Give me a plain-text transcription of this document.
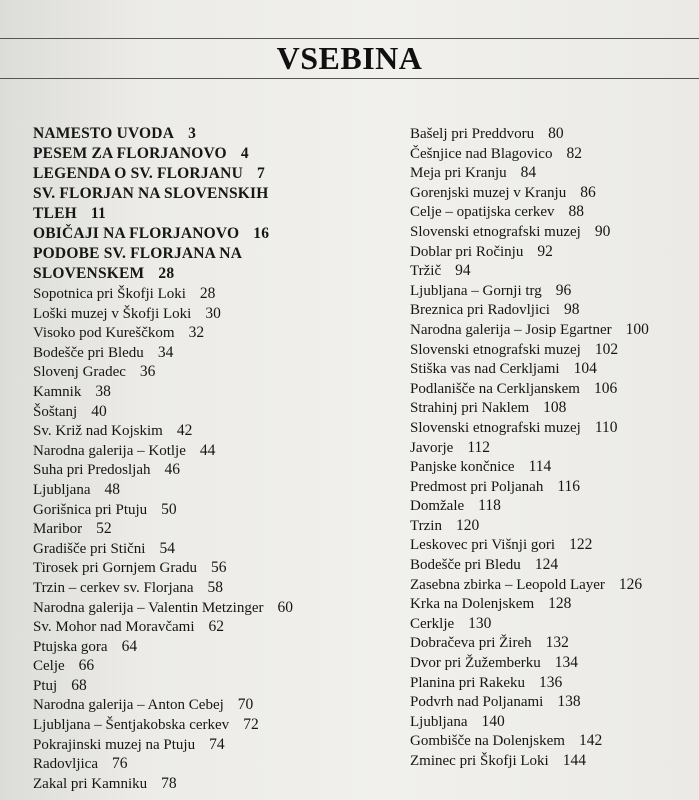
VSEBINA
NAMESTO UVODA 3
PESEM ZA FLORJANOVO 4
LEGENDA O SV. FLORJANU 7
SV. FLORJAN NA SLOVENSKIH
TLEH 11
OBIČAJI NA FLORJANOVO 16
PODOBE SV. FLORJANA NA
SLOVENSKEM 28
Sopotnica pri Škofji Loki 28
Loški muzej v Škofji Loki 30
Visoko pod Kureščkom 32
Bodešče pri Bledu 34
Slovenj Gradec 36
Kamnik 38
Šoštanj 40
Sv. Križ nad Kojskim 42
Narodna galerija – Kotlje 44
Suha pri Predosljah 46
Ljubljana 48
Gorišnica pri Ptuju 50
Maribor 52
Gradišče pri Stični 54
Tirosek pri Gornjem Gradu 56
Trzin – cerkev sv. Florjana 58
Narodna galerija – Valentin Metzinger 60
Sv. Mohor nad Moravčami 62
Ptujska gora 64
Celje 66
Ptuj 68
Narodna galerija – Anton Cebej 70
Ljubljana – Šentjakobska cerkev 72
Pokrajinski muzej na Ptuju 74
Radovljica 76
Zakal pri Kamniku 78
Bašelj pri Preddvoru 80
Češnjice nad Blagovico 82
Meja pri Kranju 84
Gorenjski muzej v Kranju 86
Celje – opatijska cerkev 88
Slovenski etnografski muzej 90
Doblar pri Ročinju 92
Tržič 94
Ljubljana – Gornji trg 96
Breznica pri Radovljici 98
Narodna galerija – Josip Egartner 100
Slovenski etnografski muzej 102
Stiška vas nad Cerkljami 104
Podlanišče na Cerkljanskem 106
Strahinj pri Naklem 108
Slovenski etnografski muzej 110
Javorje 112
Panjske končnice 114
Predmost pri Poljanah 116
Domžale 118
Trzin 120
Leskovec pri Višnji gori 122
Bodešče pri Bledu 124
Zasebna zbirka – Leopold Layer 126
Krka na Dolenjskem 128
Cerklje 130
Dobračeva pri Žireh 132
Dvor pri Žužemberku 134
Planina pri Rakeku 136
Podvrh nad Poljanami 138
Ljubljana 140
Gombišče na Dolenjskem 142
Zminec pri Škofji Loki 144
